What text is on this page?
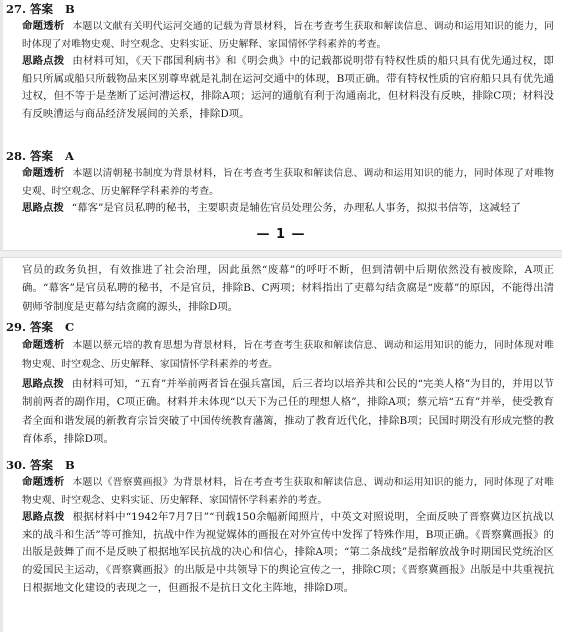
27. 答案 B
命题透析 本题以文献有关明代运河交通的记载为背景材料，旨在考查考生获取和解读信息、调动和运用知识的能力，同时体现了对唯物史观、时空观念、史料实证、历史解释、家国情怀学科素养的考查。
思路点拨 由材料可知，《天下郡国利病书》和《明会典》中的记载都说明带有特权性质的船只具有优先通过权，即船只所属或船只所载物品来区别尊卑就是礼制在运河交通中的体现，B项正确。带有特权性质的官府船只具有优先通过权，但不等于是垄断了运河漕运权，排除A项；运河的通航有利于沟通南北，但材料没有反映，排除C项；材料没有反映漕运与商品经济发展间的关系，排除D项。
28. 答案 A
命题透析 本题以清朝秘书制度为背景材料，旨在考查考生获取和解读信息、调动和运用知识的能力，同时体现了对唯物史观、时空观念、历史解释学科素养的考查。
思路点拨 “幕客”是官员私聘的秘书，主要职责是辅佐官员处理公务，办理私人事务，拟拟书信等，这减轻了
— 1 —
官员的政务负担，有效推进了社会治理，因此虽然“废幕”的呼吁不断，但到清朝中后期依然没有被废除，A项正确。“幕客”是官员私聘的秘书，不是官员，排除B、C两项；材料指出了吏幕勾结贪腐是“废幕”的原因，不能得出清朝师爷制度是吏幕勾结贪腐的源头，排除D项。
29. 答案 C
命题透析 本题以蔡元培的教育思想为背景材料，旨在考查考生获取和解读信息、调动和运用知识的能力，同时体现对唯物史观、时空观念、历史解释、家国情怀学科素养的考查。
思路点拨 由材料可知，“五育”并举前两者旨在强兵富国，后三者均以培养共和公民的“完美人格”为目的，并用以节制前两者的副作用，C项正确。材料并未体现“以天下为己任的理想人格”，排除A项；蔡元培“五育”并举，使受教育者全面和谐发展的新教育宗旨突破了中国传统教育藩篱，推动了教育近代化，排除B项；民国时期没有形成完整的教育体系，排除D项。
30. 答案 B
命题透析 本题以《晋察冀画报》为背景材料，旨在考查考生获取和解读信息、调动和运用知识的能力，同时体现了对唯物史观、时空观念、史料实证、历史解释、家国情怀学科素养的考查。
思路点拨 根据材料中“1942年7月7日”“刊载150余幅新闻照片，中英文对照说明，全面反映了晋察冀边区抗战以来的战斗和生活”等可推知，抗战中作为视觉媒体的画报在对外宣传中发挥了特殊作用，B项正确。《晋察冀画报》的出版是鼓舞了而不是反映了根据地军民抗战的决心和信心，排除A项；“第二条战线”是指解放战争时期国民党统治区的爱国民主运动，《晋察冀画报》的出版是中共领导下的舆论宣传之一，排除C项；《晋察冀画报》出版是中共重视抗日根据地文化建设的表现之一，但画报不是抗日文化主阵地，排除D项。
